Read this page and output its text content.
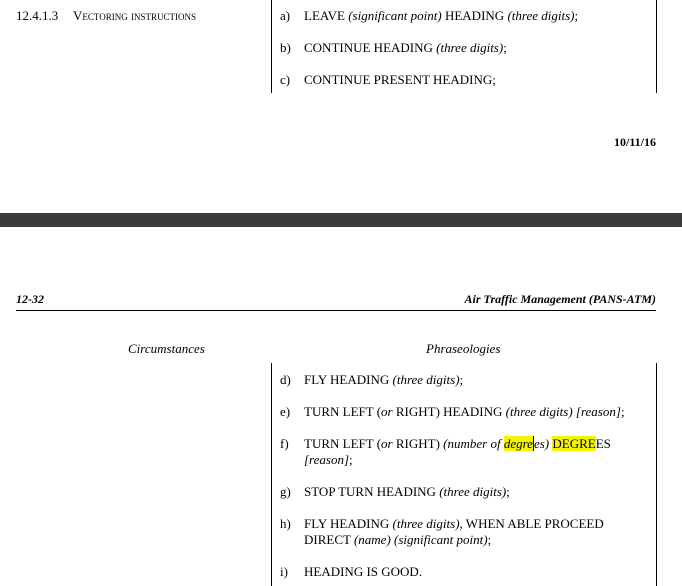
12.4.1.3 Vectoring instructions	a) LEAVE (significant point) HEADING (three digits);
b) CONTINUE HEADING (three digits);
c) CONTINUE PRESENT HEADING;
10/11/16
12-32	Air Traffic Management (PANS-ATM)
Circumstances	Phraseologies
d) FLY HEADING (three digits);
e) TURN LEFT (or RIGHT) HEADING (three digits) [reason];
f) TURN LEFT (or RIGHT) (number of degrees) DEGREES
[reason];
g) STOP TURN HEADING (three digits);
h) FLY HEADING (three digits), WHEN ABLE PROCEED
DIRECT (name) (significant point);
i) HEADING IS GOOD.
